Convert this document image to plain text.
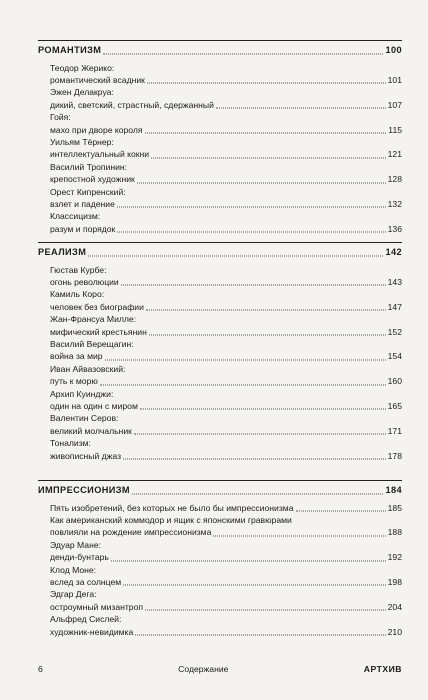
РОМАНТИЗМ	100
Теодор Жерико:
романтический всадник	101
Эжен Делакруа:
дикий, светский, страстный, сдержанный	107
Гойя:
махо при дворе короля	115
Уильям Тёрнер:
интеллектуальный кокни	121
Василий Тропинин:
крепостной художник	128
Орест Кипренский:
взлет и падение	132
Классицизм:
разум и порядок	136
РЕАЛИЗМ	142
Гюстав Курбе:
огонь революции	143
Камиль Коро:
человек без биографии	147
Жан-Франсуа Милле:
мифический крестьянин	152
Василий Верещагин:
война за мир	154
Иван Айвазовский:
путь к морю	160
Архип Куинджи:
один на один с миром	165
Валентин Серов:
великий молчальник	171
Тонализм:
живописный джаз	178
ИМПРЕССИОНИЗМ	184
Пять изобретений, без которых не было бы импрессионизма	185
Как американский коммодор и ящик с японскими гравюрами
повлияли на рождение импрессионизма	188
Эдуар Мане:
денди-бунтарь	192
Клод Моне:
вслед за солнцем	198
Эдгар Дега:
остроумный мизантроп	204
Альфред Сислей:
художник-невидимка	210
6	Содержание	АРТХИВ
